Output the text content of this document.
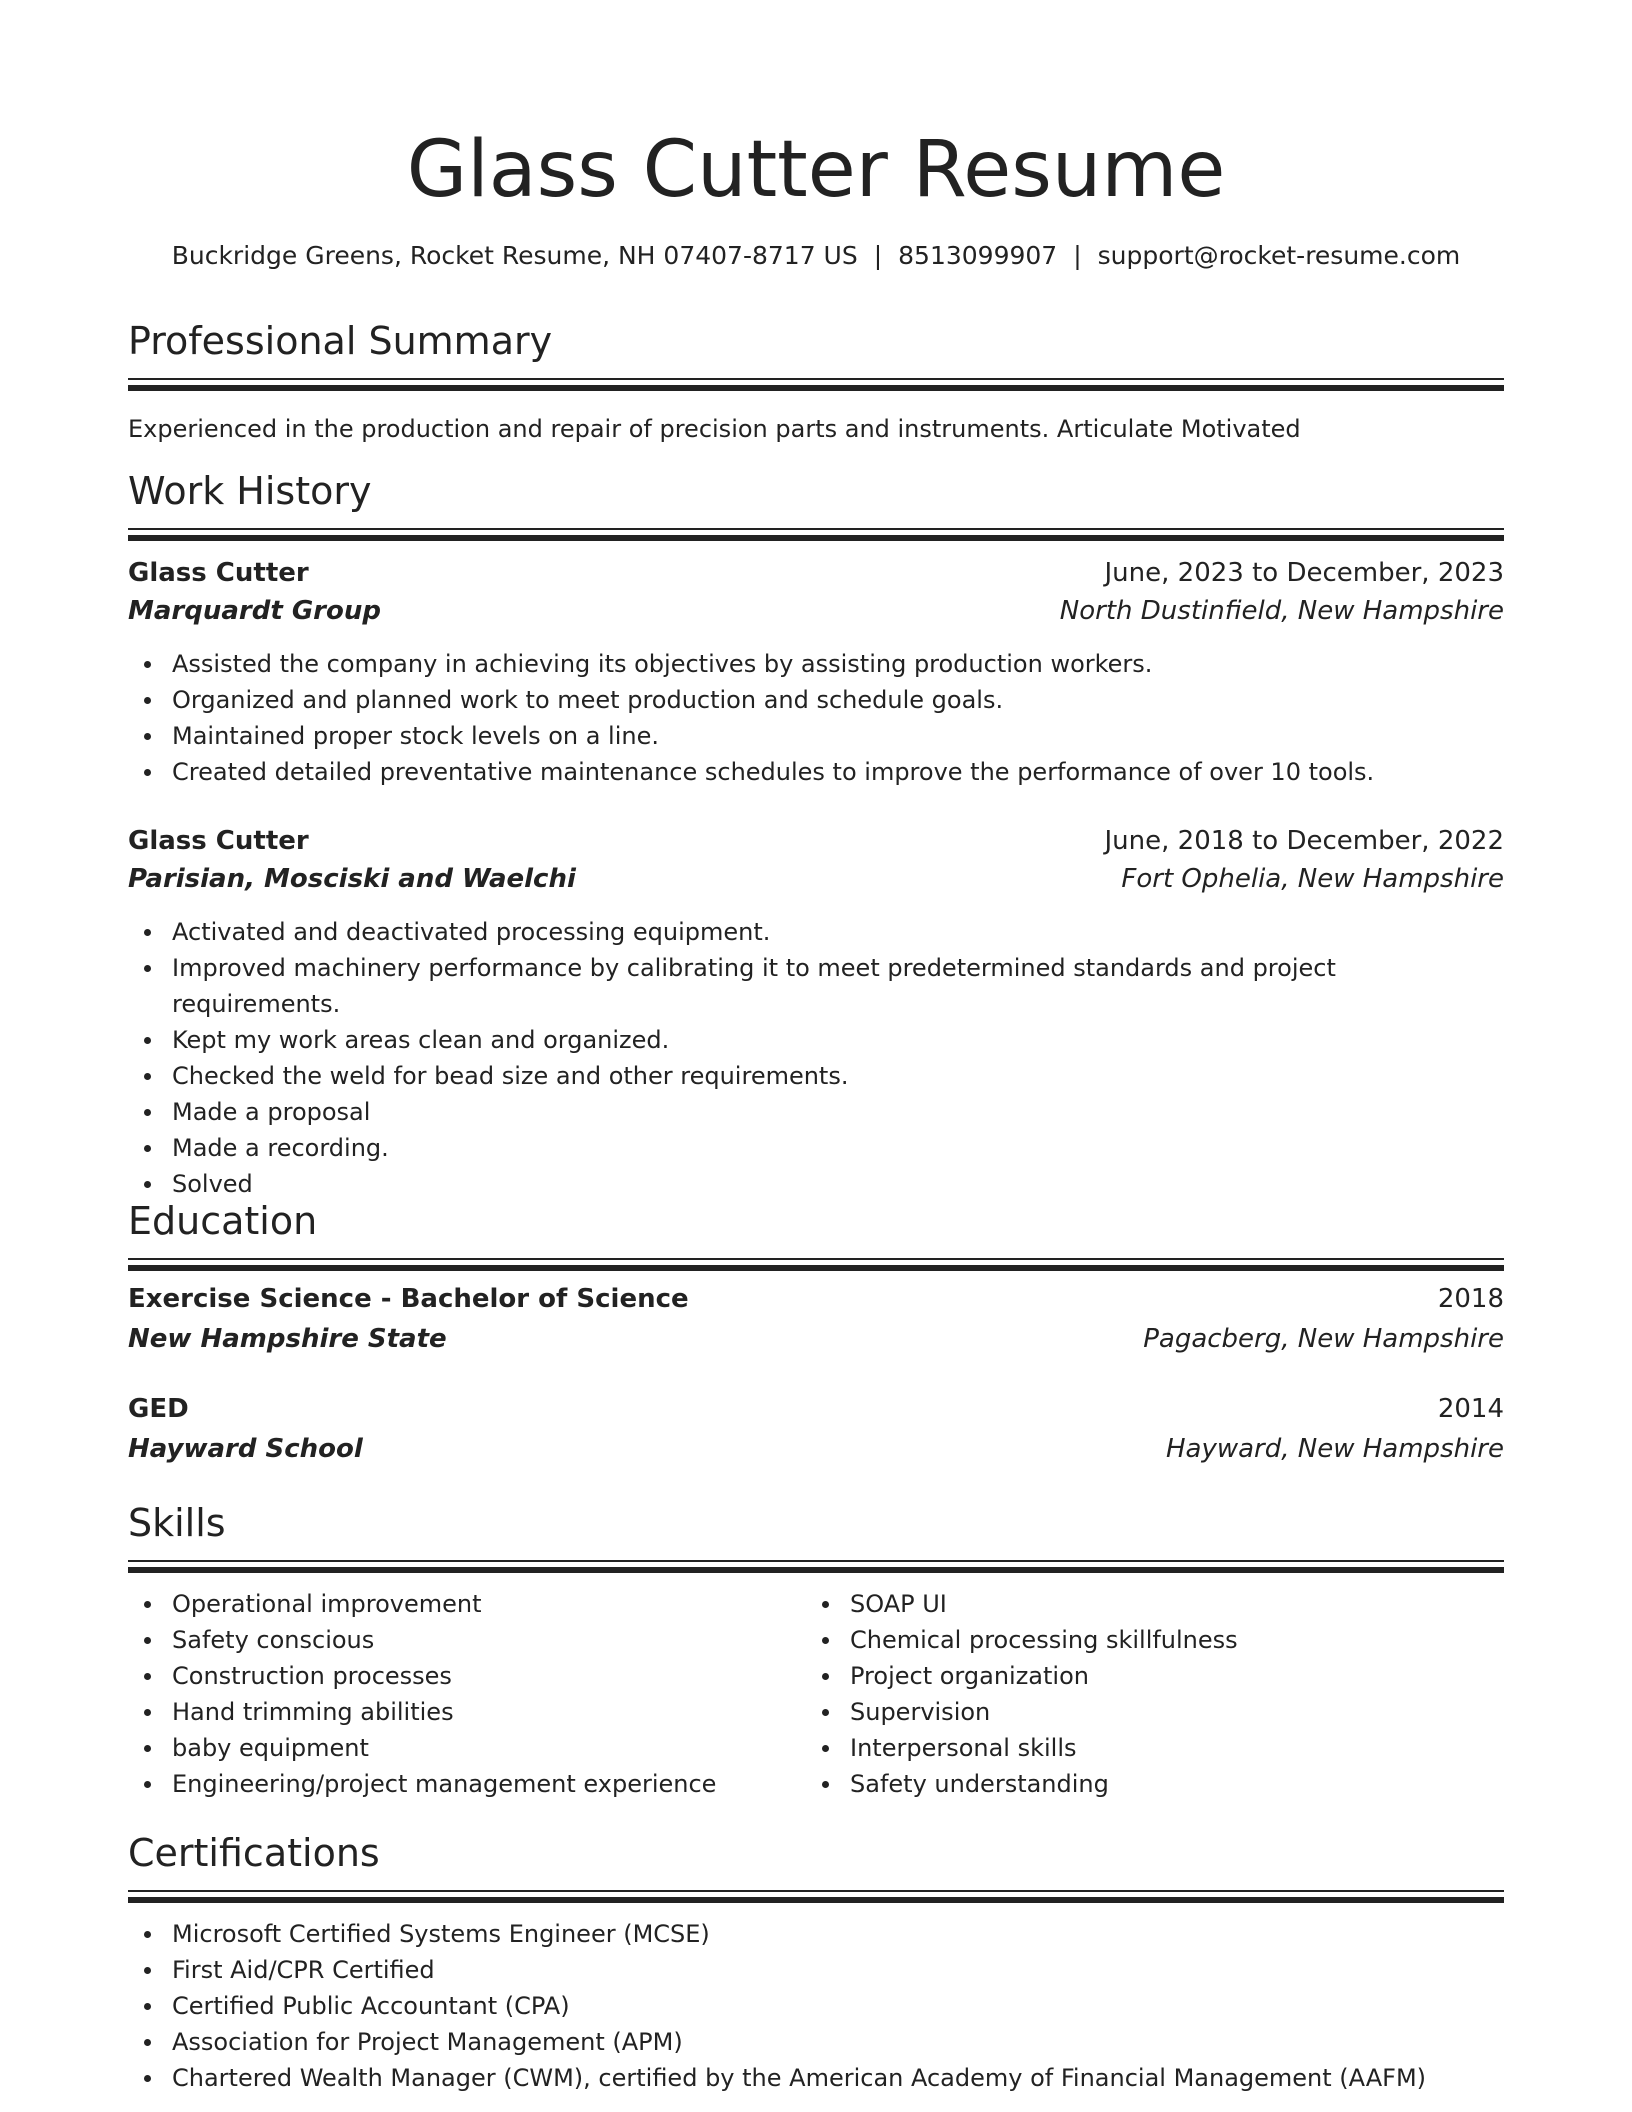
Glass Cutter Resume
Buckridge Greens, Rocket Resume, NH 07407-8717 US | 8513099907 | support@rocket-resume.com
Professional Summary
Experienced in the production and repair of precision parts and instruments. Articulate Motivated
Work History
Glass Cutter	June, 2023 to December, 2023
Marquardt Group	North Dustinfield, New Hampshire
Assisted the company in achieving its objectives by assisting production workers.
Organized and planned work to meet production and schedule goals.
Maintained proper stock levels on a line.
Created detailed preventative maintenance schedules to improve the performance of over 10 tools.
Glass Cutter	June, 2018 to December, 2022
Parisian, Mosciski and Waelchi	Fort Ophelia, New Hampshire
Activated and deactivated processing equipment.
Improved machinery performance by calibrating it to meet predetermined standards and project requirements.
Kept my work areas clean and organized.
Checked the weld for bead size and other requirements.
Made a proposal
Made a recording.
Solved
Education
Exercise Science - Bachelor of Science	2018
New Hampshire State	Pagacberg, New Hampshire
GED	2014
Hayward School	Hayward, New Hampshire
Skills
Operational improvement
Safety conscious
Construction processes
Hand trimming abilities
baby equipment
Engineering/project management experience
SOAP UI
Chemical processing skillfulness
Project organization
Supervision
Interpersonal skills
Safety understanding
Certifications
Microsoft Certified Systems Engineer (MCSE)
First Aid/CPR Certified
Certified Public Accountant (CPA)
Association for Project Management (APM)
Chartered Wealth Manager (CWM), certified by the American Academy of Financial Management (AAFM)
